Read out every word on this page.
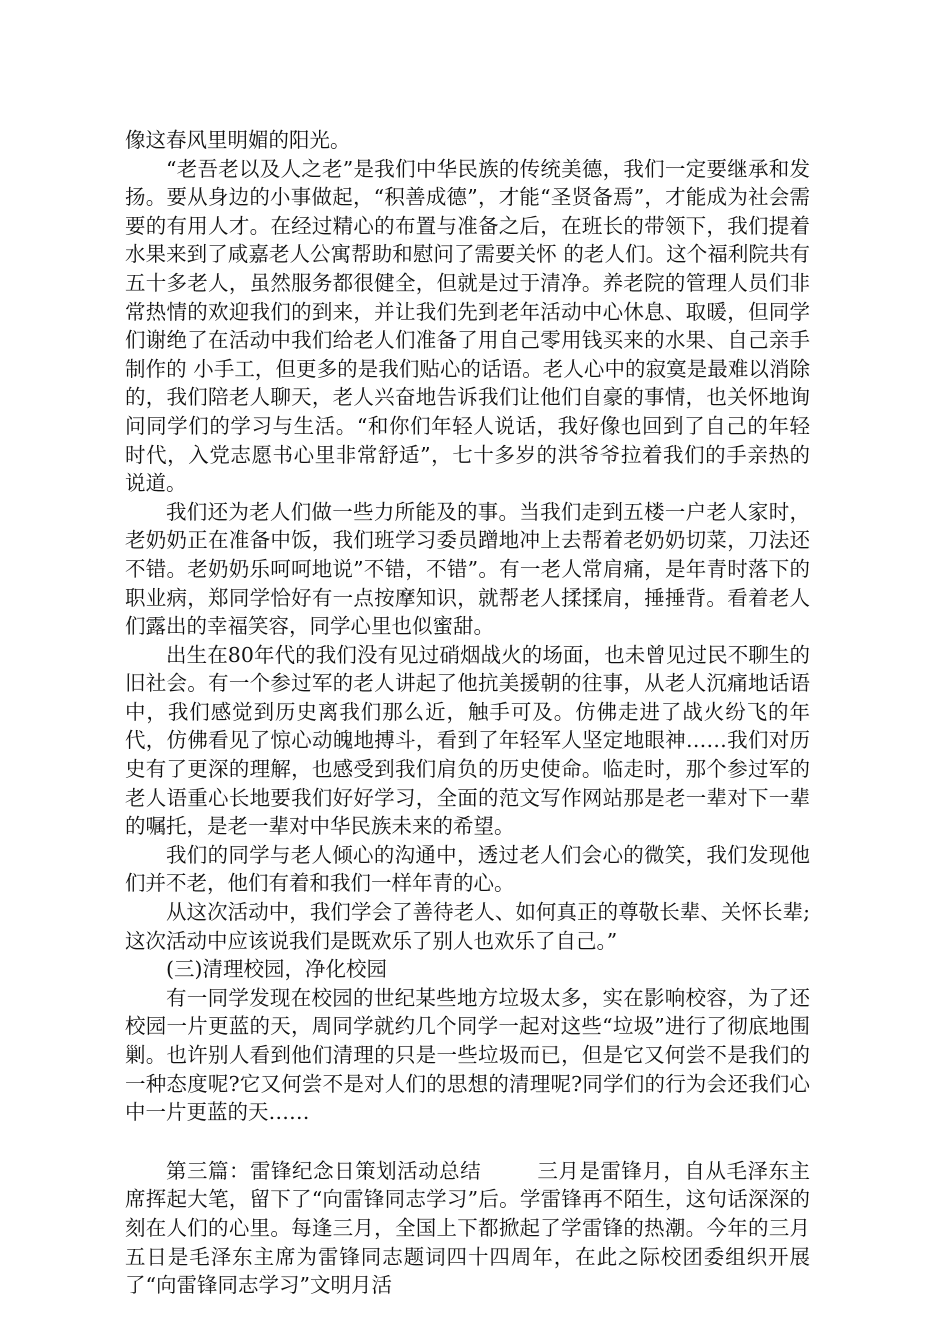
像这春风里明媚的阳光。

“老吾老以及人之老”是我们中华民族的传统美德，我们一定要继承和发扬。要从身边的小事做起，“积善成德”，才能“圣贤备焉”，才能成为社会需要的有用人才。在经过精心的布置与准备之后，在班长的带领下，我们提着水果来到了咸嘉老人公寓帮助和慰问了需要关怀 的老人们。这个福利院共有五十多老人，虽然服务都很健全，但就是过于清净。养老院的管理人员们非常热情的欢迎我们的到来，并让我们先到老年活动中心休息、取暖，但同学们谢绝了在活动中我们给老人们准备了用自己零用钱买来的水果、自己亲手制作的 小手工，但更多的是我们贴心的话语。老人心中的寂寞是最难以消除的，我们陪老人聊天，老人兴奋地告诉我们让他们自豪的事情，也关怀地询问同学们的学习与生活。“和你们年轻人说话，我好像也回到了自己的年轻时代，入党志愿书心里非常舒适”，七十多岁的洪爷爷拉着我们的手亲热的说道。

我们还为老人们做一些力所能及的事。当我们走到五楼一户老人家时，老奶奶正在准备中饭，我们班学习委员蹭地冲上去帮着老奶奶切菜，刀法还不错。老奶奶乐呵呵地说”不错，不错”。有一老人常肩痛，是年青时落下的职业病，郑同学恰好有一点按摩知识，就帮老人揉揉肩，捶捶背。看着老人们露出的幸福笑容，同学心里也似蜜甜。

出生在80年代的我们没有见过硝烟战火的场面，也未曾见过民不聊生的旧社会。有一个参过军的老人讲起了他抗美援朝的往事，从老人沉痛地话语中，我们感觉到历史离我们那么近，触手可及。仿佛走进了战火纷飞的年代，仿佛看见了惊心动魄地搏斗，看到了年轻军人坚定地眼神……我们对历史有了更深的理解，也感受到我们肩负的历史使命。临走时，那个参过军的老人语重心长地要我们好好学习，全面的范文写作网站那是老一辈对下一辈的嘱托，是老一辈对中华民族未来的希望。

我们的同学与老人倾心的沟通中，透过老人们会心的微笑，我们发现他们并不老，他们有着和我们一样年青的心。

从这次活动中，我们学会了善待老人、如何真正的尊敬长辈、关怀长辈;这次活动中应该说我们是既欢乐了别人也欢乐了自己。”

(三)清理校园，净化校园

有一同学发现在校园的世纪某些地方垃圾太多，实在影响校容，为了还校园一片更蓝的天，周同学就约几个同学一起对这些“垃圾”进行了彻底地围剿。也许别人看到他们清理的只是一些垃圾而已，但是它又何尝不是我们的一种态度呢?它又何尝不是对人们的思想的清理呢?同学们的行为会还我们心中一片更蓝的天……

第三篇：雷锋纪念日策划活动总结        三月是雷锋月，自从毛泽东主席挥起大笔，留下了“向雷锋同志学习”后。学雷锋再不陌生，这句话深深的刻在人们的心里。每逢三月，全国上下都掀起了学雷锋的热潮。今年的三月五日是毛泽东主席为雷锋同志题词四十四周年，在此之际校团委组织开展了“向雷锋同志学习”文明月活
